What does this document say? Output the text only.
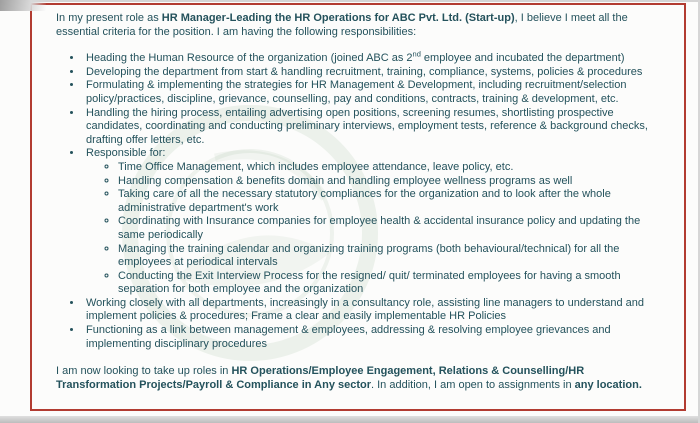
In my present role as HR Manager-Leading the HR Operations for ABC Pvt. Ltd. (Start-up), I believe I meet all the essential criteria for the position. I am having the following responsibilities:

• Heading the Human Resource of the organization (joined ABC as 2nd employee and incubated the department)
• Developing the department from start & handling recruitment, training, compliance, systems, policies & procedures
• Formulating & implementing the strategies for HR Management & Development, including recruitment/selection policy/practices, discipline, grievance, counselling, pay and conditions, contracts, training & development, etc.
• Handling the hiring process, entailing advertising open positions, screening resumes, shortlisting prospective candidates, coordinating and conducting preliminary interviews, employment tests, reference & background checks, drafting offer letters, etc.
• Responsible for:
◦ Time Office Management, which includes employee attendance, leave policy, etc.
◦ Handling compensation & benefits domain and handling employee wellness programs as well
◦ Taking care of all the necessary statutory compliances for the organization and to look after the whole administrative department's work
◦ Coordinating with Insurance companies for employee health & accidental insurance policy and updating the same periodically
◦ Managing the training calendar and organizing training programs (both behavioural/technical) for all the employees at periodical intervals
◦ Conducting the Exit Interview Process for the resigned/ quit/ terminated employees for having a smooth separation for both employee and the organization
• Working closely with all departments, increasingly in a consultancy role, assisting line managers to understand and implement policies & procedures; Frame a clear and easily implementable HR Policies
• Functioning as a link between management & employees, addressing & resolving employee grievances and implementing disciplinary procedures

I am now looking to take up roles in HR Operations/Employee Engagement, Relations & Counselling/HR Transformation Projects/Payroll & Compliance in Any sector. In addition, I am open to assignments in any location.
